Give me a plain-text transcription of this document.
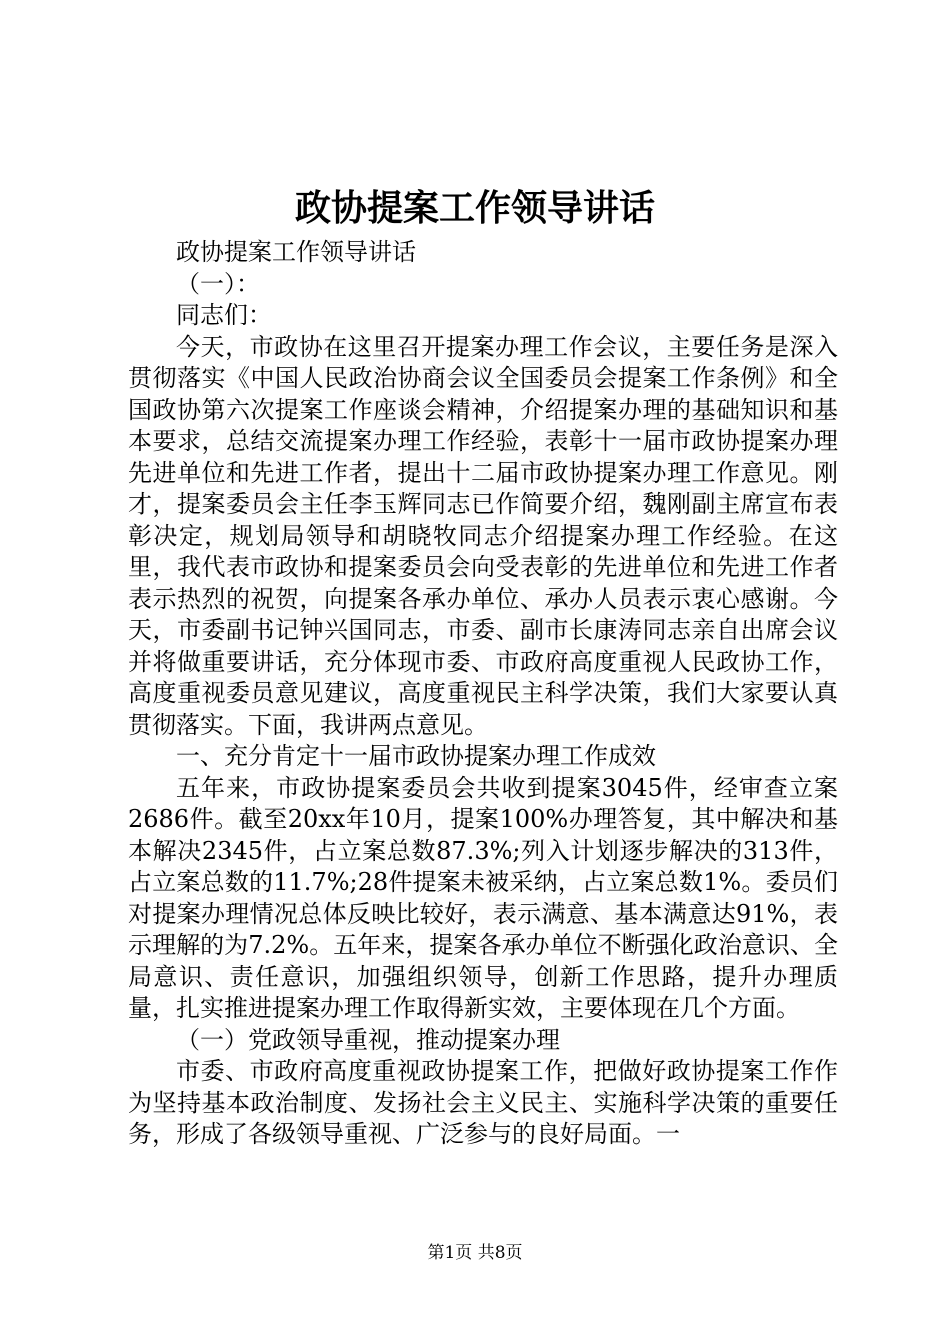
政协提案工作领导讲话

政协提案工作领导讲话

（一）：

同志们：

今天，市政协在这里召开提案办理工作会议，主要任务是深入贯彻落实《中国人民政治协商会议全国委员会提案工作条例》和全国政协第六次提案工作座谈会精神，介绍提案办理的基础知识和基本要求，总结交流提案办理工作经验，表彰十一届市政协提案办理先进单位和先进工作者，提出十二届市政协提案办理工作意见。刚才，提案委员会主任李玉辉同志已作简要介绍，魏刚副主席宣布表彰决定，规划局领导和胡晓牧同志介绍提案办理工作经验。在这里，我代表市政协和提案委员会向受表彰的先进单位和先进工作者表示热烈的祝贺，向提案各承办单位、承办人员表示衷心感谢。今天，市委副书记钟兴国同志，市委、副市长康涛同志亲自出席会议并将做重要讲话，充分体现市委、市政府高度重视人民政协工作，高度重视委员意见建议，高度重视民主科学决策，我们大家要认真贯彻落实。下面，我讲两点意见。

一、充分肯定十一届市政协提案办理工作成效

五年来，市政协提案委员会共收到提案3045件，经审查立案2686件。截至20xx年10月，提案100%办理答复，其中解决和基本解决2345件，占立案总数87.3%;列入计划逐步解决的313件，占立案总数的11.7%;28件提案未被采纳，占立案总数1%。委员们对提案办理情况总体反映比较好，表示满意、基本满意达91%，表示理解的为7.2%。五年来，提案各承办单位不断强化政治意识、全局意识、责任意识，加强组织领导，创新工作思路，提升办理质量，扎实推进提案办理工作取得新实效，主要体现在几个方面。

（一）党政领导重视，推动提案办理

市委、市政府高度重视政协提案工作，把做好政协提案工作作为坚持基本政治制度、发扬社会主义民主、实施科学决策的重要任务，形成了各级领导重视、广泛参与的良好局面。一

第1页 共8页
